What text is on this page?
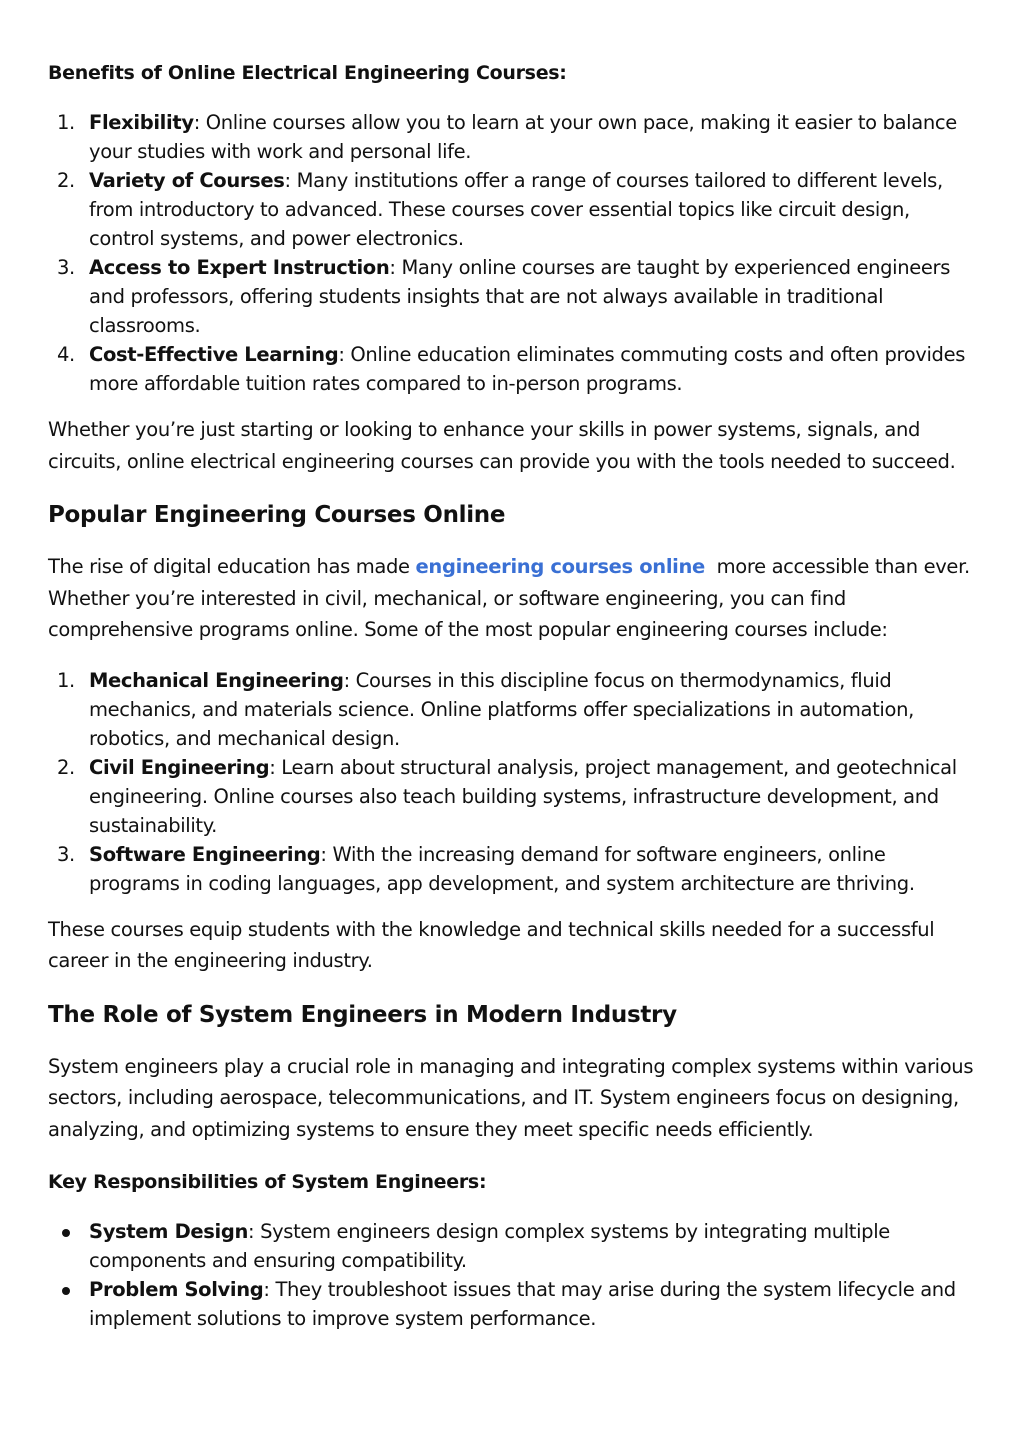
Benefits of Online Electrical Engineering Courses:

1. Flexibility: Online courses allow you to learn at your own pace, making it easier to balance your studies with work and personal life.
2. Variety of Courses: Many institutions offer a range of courses tailored to different levels, from introductory to advanced. These courses cover essential topics like circuit design, control systems, and power electronics.
3. Access to Expert Instruction: Many online courses are taught by experienced engineers and professors, offering students insights that are not always available in traditional classrooms.
4. Cost-Effective Learning: Online education eliminates commuting costs and often provides more affordable tuition rates compared to in-person programs.

Whether you’re just starting or looking to enhance your skills in power systems, signals, and circuits, online electrical engineering courses can provide you with the tools needed to succeed.

Popular Engineering Courses Online

The rise of digital education has made engineering courses online  more accessible than ever. Whether you’re interested in civil, mechanical, or software engineering, you can find comprehensive programs online. Some of the most popular engineering courses include:

1. Mechanical Engineering: Courses in this discipline focus on thermodynamics, fluid mechanics, and materials science. Online platforms offer specializations in automation, robotics, and mechanical design.
2. Civil Engineering: Learn about structural analysis, project management, and geotechnical engineering. Online courses also teach building systems, infrastructure development, and sustainability.
3. Software Engineering: With the increasing demand for software engineers, online programs in coding languages, app development, and system architecture are thriving.

These courses equip students with the knowledge and technical skills needed for a successful career in the engineering industry.

The Role of System Engineers in Modern Industry

System engineers play a crucial role in managing and integrating complex systems within various sectors, including aerospace, telecommunications, and IT. System engineers focus on designing, analyzing, and optimizing systems to ensure they meet specific needs efficiently.

Key Responsibilities of System Engineers:

System Design: System engineers design complex systems by integrating multiple components and ensuring compatibility.
Problem Solving: They troubleshoot issues that may arise during the system lifecycle and implement solutions to improve system performance.
